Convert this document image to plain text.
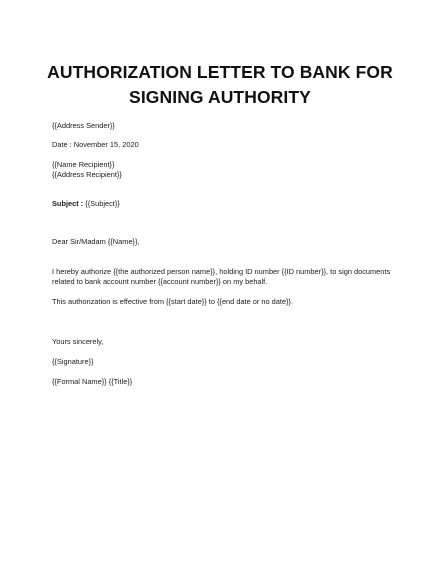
AUTHORIZATION LETTER TO BANK FOR
SIGNING AUTHORITY
{{Address Sender}}
Date : November 15, 2020
{{Name Recipient}}
{{Address Recipient}}
Subject : {{Subject}}
Dear Sir/Madam {{Name}},
I hereby authorize {{the authorized person name}}, holding ID number {{ID number}}, to sign documents
related to bank account number {{account number}} on my behalf.
This authorization is effective from {{start date}} to {{end date or no date}}.
Yours sincerely,
{{Signature}}
{{Formal Name}} {{Title}}
